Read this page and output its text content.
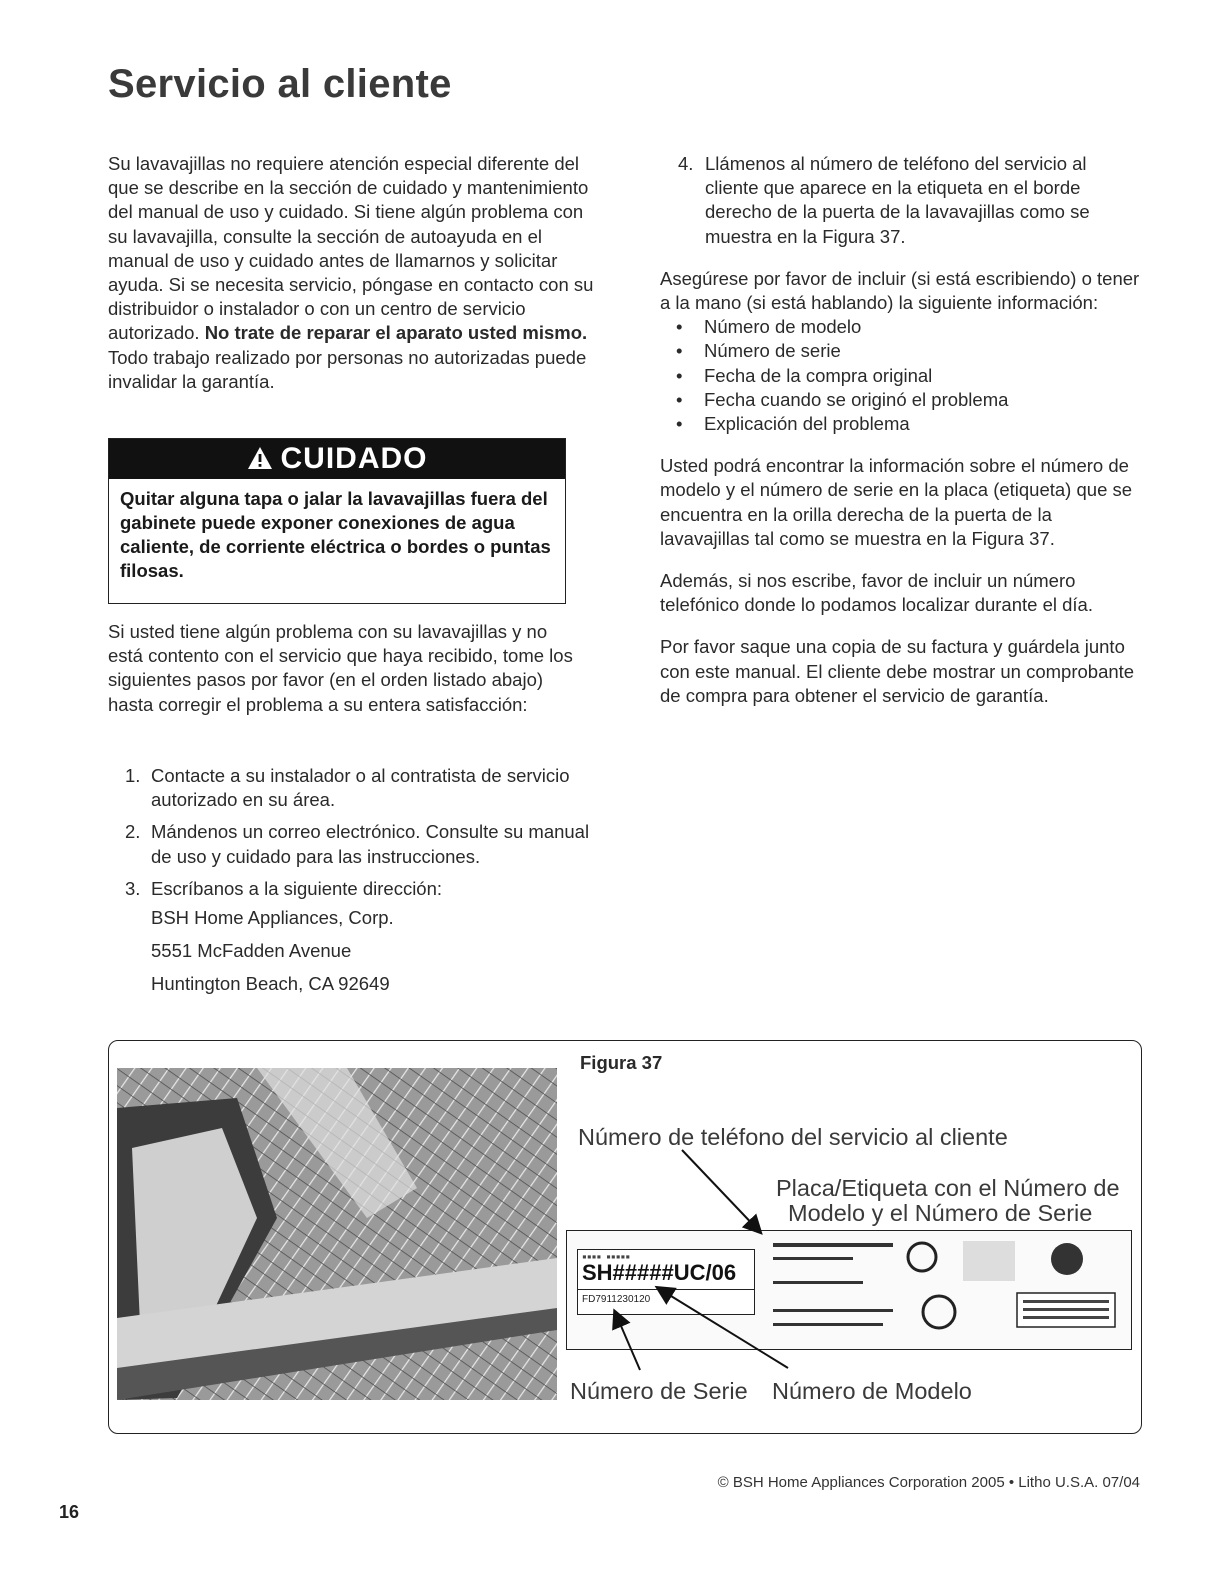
Servicio al cliente

Su lavavajillas no requiere atención especial diferente del que se describe en la sección de cuidado y mantenimiento del manual de uso y cuidado. Si tiene algún problema con su lavavajilla, consulte la sección de autoayuda en el manual de uso y cuidado antes de llamarnos y solicitar ayuda. Si se necesita servicio, póngase en contacto con su distribuidor o instalador o con un centro de servicio autorizado. No trate de reparar el aparato usted mismo. Todo trabajo realizado por personas no autorizadas puede invalidar la garantía.

CUIDADO
Quitar alguna tapa o jalar la lavavajillas fuera del gabinete puede exponer conexiones de agua caliente, de corriente eléctrica o bordes o puntas filosas.
Si usted tiene algún problema con su lavavajillas y no está contento con el servicio que haya recibido, tome los siguientes pasos por favor (en el orden listado abajo) hasta corregir el problema a su entera satisfacción:
1. Contacte a su instalador o al contratista de servicio autorizado en su área.
2. Mándenos un correo electrónico. Consulte su manual de uso y cuidado para las instrucciones.
3. Escríbanos a la siguiente dirección:
BSH Home Appliances, Corp.
5551 McFadden Avenue
Huntington Beach, CA 92649
4. Llámenos al número de teléfono del servicio al cliente que aparece en la etiqueta en el borde derecho de la puerta de la lavavajillas como se muestra en la Figura 37.

Asegúrese por favor de incluir (si está escribiendo) o tener a la mano (si está hablando) la siguiente información:

• Número de modelo
• Número de serie
• Fecha de la compra original
• Fecha cuando se originó el problema
• Explicación del problema

Usted podrá encontrar la información sobre el número de modelo y el número de serie en la placa (etiqueta) que se encuentra en la orilla derecha de la puerta de la lavavajillas tal como se muestra en la Figura 37.

Además, si nos escribe, favor de incluir un número telefónico donde lo podamos localizar durante el día.

Por favor saque una copia de su factura y guárdela junto con este manual. El cliente debe mostrar un comprobante de compra para obtener el servicio de garantía.

Figura 37
Número de teléfono del servicio al cliente
Placa/Etiqueta con el Número de
Modelo y el Número de Serie
Número de Serie Número de Modelo
▪▪▪▪ ▪▪▪▪▪
SH#####UC/06
FD7911230120
© BSH Home Appliances Corporation 2005 • Litho U.S.A. 07/04
16
